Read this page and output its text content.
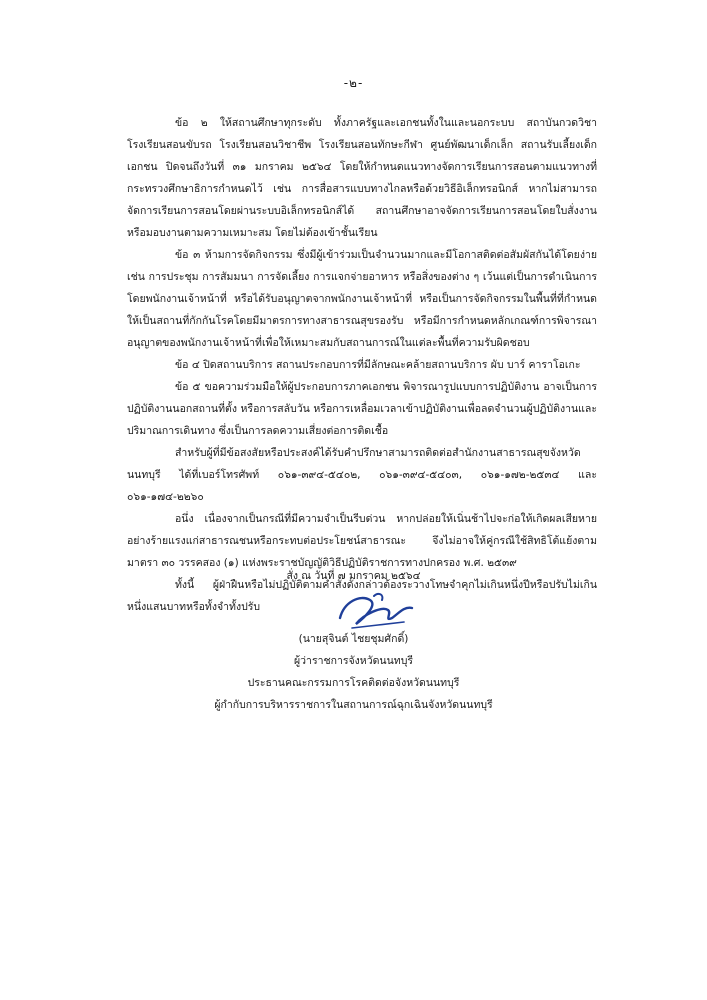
-๒-

ข้อ ๒ ให้สถานศึกษาทุกระดับ ทั้งภาครัฐและเอกชนทั้งในและนอกระบบ สถาบันกวดวิชา โรงเรียนสอนขับรถ โรงเรียนสอนวิชาชีพ โรงเรียนสอนทักษะกีฬา ศูนย์พัฒนาเด็กเล็ก สถานรับเลี้ยงเด็กเอกชน ปิดจนถึงวันที่ ๓๑ มกราคม ๒๕๖๔ โดยให้กำหนดแนวทางจัดการเรียนการสอนตามแนวทางที่กระทรวงศึกษาธิการกำหนดไว้ เช่น การสื่อสารแบบทางไกลหรือด้วยวิธีอิเล็กทรอนิกส์ หากไม่สามารถจัดการเรียนการสอนโดยผ่านระบบอิเล็กทรอนิกส์ได้ สถานศึกษาอาจจัดการเรียนการสอนโดยใบสั่งงานหรือมอบงานตามความเหมาะสม โดยไม่ต้องเข้าชั้นเรียน

ข้อ ๓ ห้ามการจัดกิจกรรม ซึ่งมีผู้เข้าร่วมเป็นจำนวนมากและมีโอกาสติดต่อสัมผัสกันได้โดยง่าย เช่น การประชุม การสัมมนา การจัดเลี้ยง การแจกจ่ายอาหาร หรือสิ่งของต่าง ๆ เว้นแต่เป็นการดำเนินการโดยพนักงานเจ้าหน้าที่ หรือได้รับอนุญาตจากพนักงานเจ้าหน้าที่ หรือเป็นการจัดกิจกรรมในพื้นที่ที่กำหนดให้เป็นสถานที่กักกันโรคโดยมีมาตรการทางสาธารณสุขรองรับ หรือมีการกำหนดหลักเกณฑ์การพิจารณาอนุญาตของพนักงานเจ้าหน้าที่เพื่อให้เหมาะสมกับสถานการณ์ในแต่ละพื้นที่ความรับผิดชอบ

ข้อ ๔ ปิดสถานบริการ สถานประกอบการที่มีลักษณะคล้ายสถานบริการ ผับ บาร์ คาราโอเกะ

ข้อ ๕ ขอความร่วมมือให้ผู้ประกอบการภาคเอกชน พิจารณารูปแบบการปฏิบัติงาน อาจเป็นการปฏิบัติงานนอกสถานที่ตั้ง หรือการสลับวัน หรือการเหลื่อมเวลาเข้าปฏิบัติงานเพื่อลดจำนวนผู้ปฏิบัติงานและปริมาณการเดินทาง ซึ่งเป็นการลดความเสี่ยงต่อการติดเชื้อ

สำหรับผู้ที่มีข้อสงสัยหรือประสงค์ได้รับคำปรึกษาสามารถติดต่อสำนักงานสาธารณสุขจังหวัดนนทบุรี ได้ที่เบอร์โทรศัพท์ ๐๖๑-๓๙๔-๕๔๐๒, ๐๖๑-๓๙๔-๕๔๐๓, ๐๖๑-๑๗๒-๒๕๓๔ และ ๐๖๑-๑๗๔-๒๒๖๐

อนึ่ง เนื่องจากเป็นกรณีที่มีความจำเป็นรีบด่วน หากปล่อยให้เนิ่นช้าไปจะก่อให้เกิดผลเสียหายอย่างร้ายแรงแก่สาธารณชนหรือกระทบต่อประโยชน์สาธารณะ จึงไม่อาจให้คู่กรณีใช้สิทธิโต้แย้งตามมาตรา ๓๐ วรรคสอง (๑) แห่งพระราชบัญญัติวิธีปฏิบัติราชการทางปกครอง พ.ศ. ๒๕๓๙

ทั้งนี้ ผู้ฝ่าฝืนหรือไม่ปฏิบัติตามคำสั่งดังกล่าวต้องระวางโทษจำคุกไม่เกินหนึ่งปีหรือปรับไม่เกินหนึ่งแสนบาทหรือทั้งจำทั้งปรับ

สั่ง ณ วันที่ ๗ มกราคม ๒๕๖๔
(นายสุจินต์ ไชยชุมศักดิ์)
ผู้ว่าราชการจังหวัดนนทบุรี
ประธานคณะกรรมการโรคติดต่อจังหวัดนนทบุรี
ผู้กำกับการบริหารราชการในสถานการณ์ฉุกเฉินจังหวัดนนทบุรี
